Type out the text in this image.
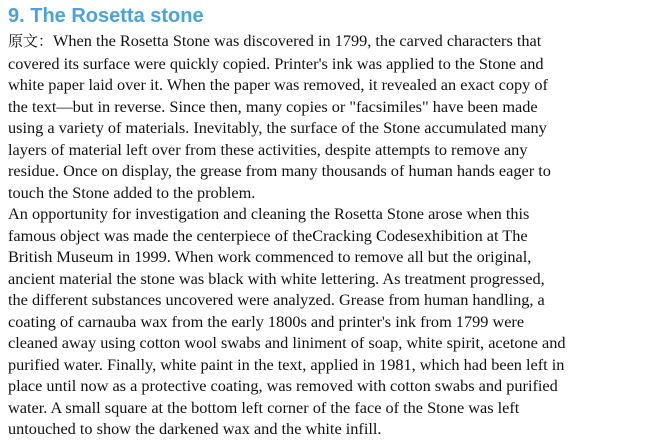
9. The Rosetta stone

原文：When the Rosetta Stone was discovered in 1799, the carved characters that
covered its surface were quickly copied. Printer's ink was applied to the Stone and
white paper laid over it. When the paper was removed, it revealed an exact copy of
the text—but in reverse. Since then, many copies or "facsimiles" have been made
using a variety of materials. Inevitably, the surface of the Stone accumulated many
layers of material left over from these activities, despite attempts to remove any
residue. Once on display, the grease from many thousands of human hands eager to
touch the Stone added to the problem.

An opportunity for investigation and cleaning the Rosetta Stone arose when this
famous object was made the centerpiece of theCracking Codesexhibition at The
British Museum in 1999. When work commenced to remove all but the original,
ancient material the stone was black with white lettering. As treatment progressed,
the different substances uncovered were analyzed. Grease from human handling, a
coating of carnauba wax from the early 1800s and printer's ink from 1799 were
cleaned away using cotton wool swabs and liniment of soap, white spirit, acetone and
purified water. Finally, white paint in the text, applied in 1981, which had been left in
place until now as a protective coating, was removed with cotton swabs and purified
water. A small square at the bottom left corner of the face of the Stone was left
untouched to show the darkened wax and the white infill.
